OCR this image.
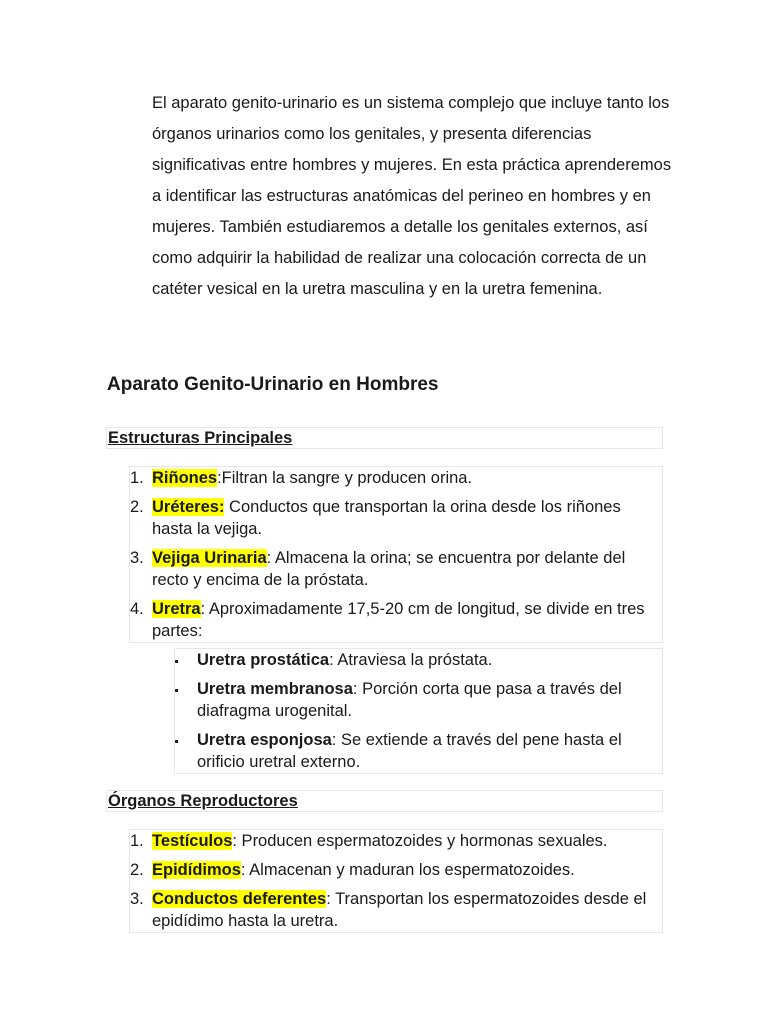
El aparato genito-urinario es un sistema complejo que incluye tanto los órganos urinarios como los genitales, y presenta diferencias significativas entre hombres y mujeres. En esta práctica aprenderemos a identificar las estructuras anatómicas del perineo en hombres y en mujeres. También estudiaremos a detalle los genitales externos, así como adquirir la habilidad de realizar una colocación correcta de un catéter vesical en la uretra masculina y en la uretra femenina.

Aparato Genito-Urinario en Hombres
Estructuras Principales
1. Riñones:Filtran la sangre y producen orina.
2. Uréteres: Conductos que transportan la orina desde los riñones hasta la vejiga.
3. Vejiga Urinaria: Almacena la orina; se encuentra por delante del recto y encima de la próstata.
4. Uretra: Aproximadamente 17,5-20 cm de longitud, se divide en tres partes:
Uretra prostática: Atraviesa la próstata.
Uretra membranosa: Porción corta que pasa a través del diafragma urogenital.
Uretra esponjosa: Se extiende a través del pene hasta el orificio uretral externo.
Órganos Reproductores
1. Testículos: Producen espermatozoides y hormonas sexuales.
2. Epidídimos: Almacenan y maduran los espermatozoides.
3. Conductos deferentes: Transportan los espermatozoides desde el epidídimo hasta la uretra.
